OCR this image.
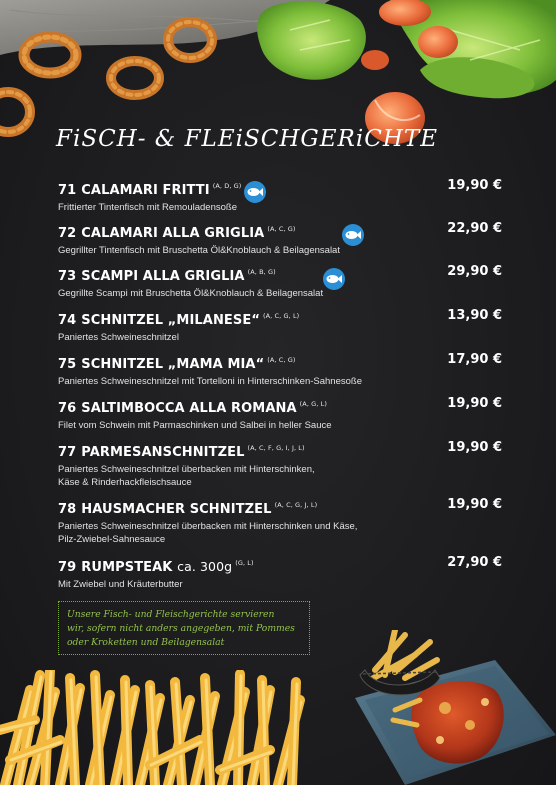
FiSCH- & FLEiSCHGERiCHTE
71 CALAMARI FRITTI $^{(A, D, G)}$
Frittierter Tintenfisch mit Remouladensoße
19,90 €
72 CALAMARI ALLA GRIGLIA $^{(A, C, G)}$
Gegrillter Tintenfisch mit Bruschetta Öl&Knoblauch & Beilagensalat
22,90 €
73 SCAMPI ALLA GRIGLIA $^{(A, B, G)}$
Gegrillte Scampi mit Bruschetta Öl&Knoblauch & Beilagensalat
29,90 €
74 SCHNITZEL „MILANESE“ $^{(A, C, G, L)}$
Paniertes Schweineschnitzel
13,90 €
75 SCHNITZEL „MAMA MIA“ $^{(A, C, G)}$
Paniertes Schweineschnitzel mit Tortelloni in Hinterschinken-Sahnesoße
17,90 €
76 SALTIMBOCCA ALLA ROMANA $^{(A, G, L)}$
Filet vom Schwein mit Parmaschinken und Salbei in heller Sauce
19,90 €
77 PARMESANSCHNITZEL $^{(A, C, F, G, I, J, L)}$
Paniertes Schweineschnitzel überbacken mit Hinterschinken,
Käse & Rinderhackfleischsauce
19,90 €
78 HAUSMACHER SCHNITZEL $^{(A, C, G, J, L)}$
Paniertes Schweineschnitzel überbacken mit Hinterschinken und Käse,
Pilz-Zwiebel-Sahnesauce
19,90 €
79 RUMPSTEAK ca. 300g $^{(G, L)}$
Mit Zwiebel und Kräuterbutter
27,90 €
Unsere Fisch- und Fleischgerichte servieren
wir, sofern nicht anders angegeben, mit Pommes
oder Kroketten und Beilagensalat
